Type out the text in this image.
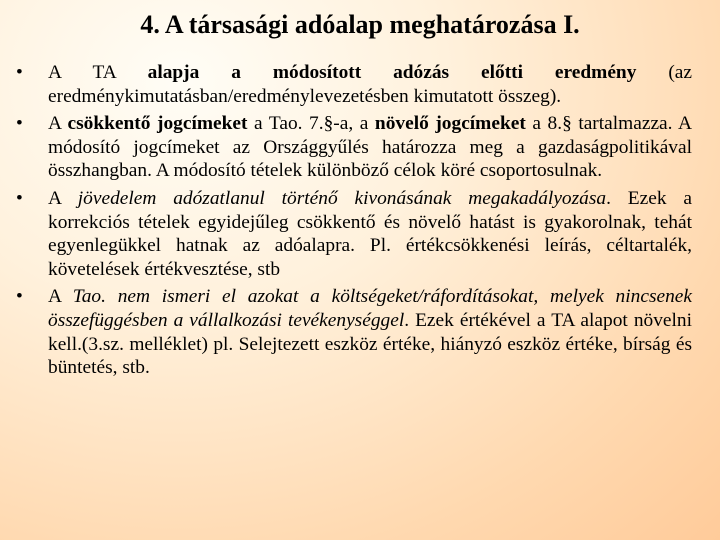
4. A társasági adóalap meghatározása I.
•	A TA alapja a módosított adózás előtti eredmény (az eredménykimutatásban/eredménylevezetésben kimutatott összeg).
•	A csökkentő jogcímeket a Tao. 7.§-a, a növelő jogcímeket a 8.§ tartalmazza. A módosító jogcímeket az Országgyűlés határozza meg a gazdaságpolitikával összhangban. A módosító tételek különböző célok köré csoportosulnak.
•	A jövedelem adózatlanul történő kivonásának megakadályozása. Ezek a korrekciós tételek egyidejűleg csökkentő és növelő hatást is gyakorolnak, tehát egyenlegükkel hatnak az adóalapra. Pl. értékcsökkenési leírás, céltartalék, követelések értékvesztése, stb
•	A Tao. nem ismeri el azokat a költségeket/ráfordításokat, melyek nincsenek összefüggésben a vállalkozási tevékenységgel. Ezek értékével a TA alapot növelni kell.(3.sz. melléklet) pl. Selejtezett eszköz értéke, hiányzó eszköz értéke, bírság és büntetés, stb.
